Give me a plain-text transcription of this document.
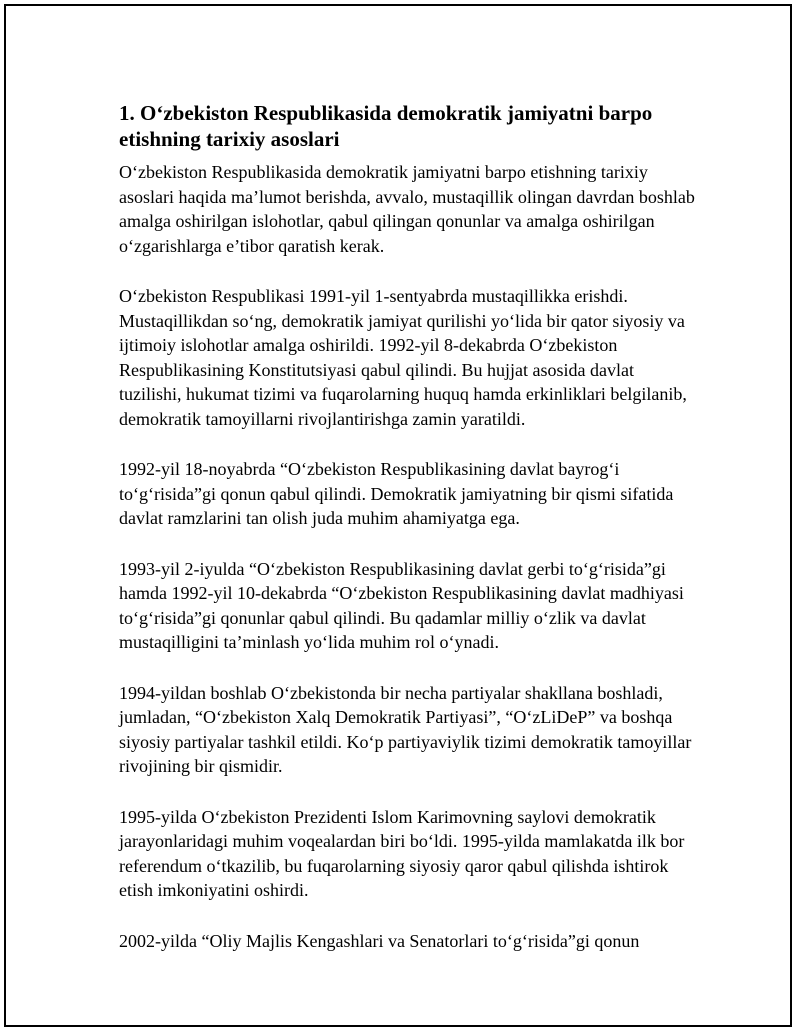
1. O‘zbekiston Respublikasida demokratik jamiyatni barpo etishning tarixiy asoslari

O‘zbekiston Respublikasida demokratik jamiyatni barpo etishning tarixiy asoslari haqida ma’lumot berishda, avvalo, mustaqillik olingan davrdan boshlab amalga oshirilgan islohotlar, qabul qilingan qonunlar va amalga oshirilgan o‘zgarishlarga e’tibor qaratish kerak.

O‘zbekiston Respublikasi 1991-yil 1-sentyabrda mustaqillikka erishdi. Mustaqillikdan so‘ng, demokratik jamiyat qurilishi yo‘lida bir qator siyosiy va ijtimoiy islohotlar amalga oshirildi. 1992-yil 8-dekabrda O‘zbekiston Respublikasining Konstitutsiyasi qabul qilindi. Bu hujjat asosida davlat tuzilishi, hukumat tizimi va fuqarolarning huquq hamda erkinliklari belgilanib, demokratik tamoyillarni rivojlantirishga zamin yaratildi.

1992-yil 18-noyabrda “O‘zbekiston Respublikasining davlat bayrog‘i to‘g‘risida”gi qonun qabul qilindi. Demokratik jamiyatning bir qismi sifatida davlat ramzlarini tan olish juda muhim ahamiyatga ega.

1993-yil 2-iyulda “O‘zbekiston Respublikasining davlat gerbi to‘g‘risida”gi hamda 1992-yil 10-dekabrda “O‘zbekiston Respublikasining davlat madhiyasi to‘g‘risida”gi qonunlar qabul qilindi. Bu qadamlar milliy o‘zlik va davlat mustaqilligini ta’minlash yo‘lida muhim rol o‘ynadi.

1994-yildan boshlab O‘zbekistonda bir necha partiyalar shakllana boshladi, jumladan, “O‘zbekiston Xalq Demokratik Partiyasi”, “O‘zLiDeP” va boshqa siyosiy partiyalar tashkil etildi. Ko‘p partiyaviylik tizimi demokratik tamoyillar rivojining bir qismidir.

1995-yilda O‘zbekiston Prezidenti Islom Karimovning saylovi demokratik jarayonlaridagi muhim voqealardan biri bo‘ldi. 1995-yilda mamlakatda ilk bor referendum o‘tkazilib, bu fuqarolarning siyosiy qaror qabul qilishda ishtirok etish imkoniyatini oshirdi.

2002-yilda “Oliy Majlis Kengashlari va Senatorlari to‘g‘risida”gi qonun
